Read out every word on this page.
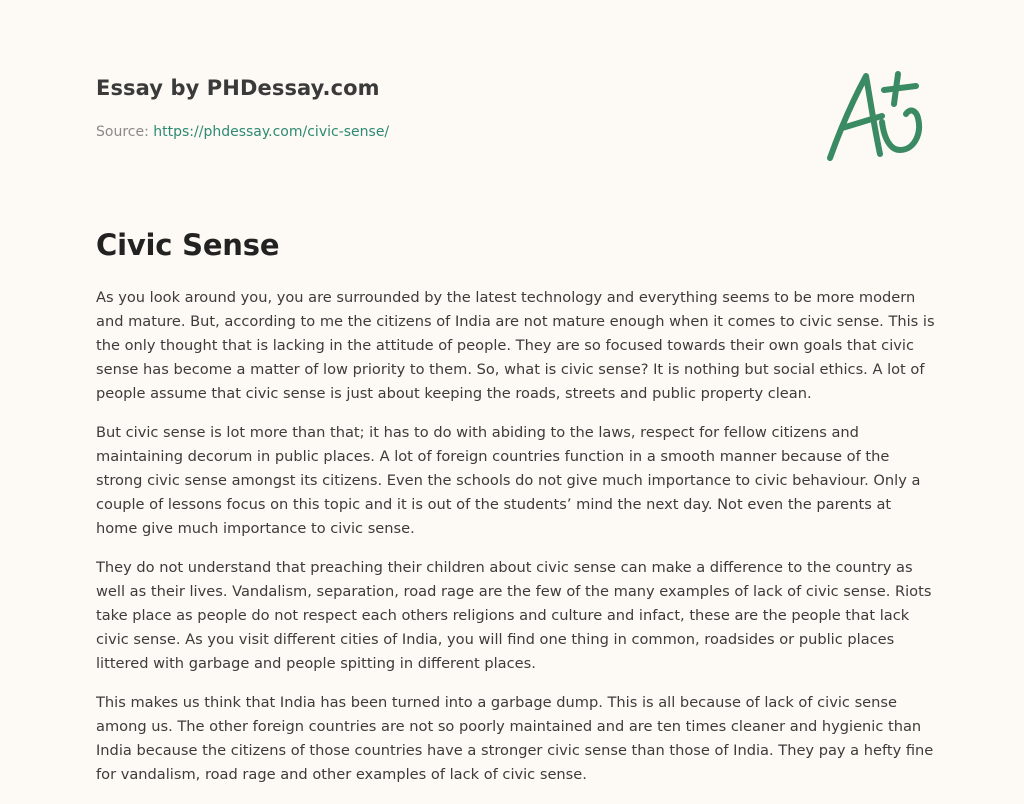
Essay by PHDessay.com

Source: https://phdessay.com/civic-sense/

Civic Sense

As you look around you, you are surrounded by the latest technology and everything seems to be more modern and mature. But, according to me the citizens of India are not mature enough when it comes to civic sense. This is the only thought that is lacking in the attitude of people. They are so focused towards their own goals that civic sense has become a matter of low priority to them. So, what is civic sense? It is nothing but social ethics. A lot of people assume that civic sense is just about keeping the roads, streets and public property clean.

But civic sense is lot more than that; it has to do with abiding to the laws, respect for fellow citizens and maintaining decorum in public places. A lot of foreign countries function in a smooth manner because of the strong civic sense amongst its citizens. Even the schools do not give much importance to civic behaviour. Only a couple of lessons focus on this topic and it is out of the students’ mind the next day. Not even the parents at home give much importance to civic sense.

They do not understand that preaching their children about civic sense can make a difference to the country as well as their lives. Vandalism, separation, road rage are the few of the many examples of lack of civic sense. Riots take place as people do not respect each others religions and culture and infact, these are the people that lack civic sense. As you visit different cities of India, you will find one thing in common, roadsides or public places littered with garbage and people spitting in different places.

This makes us think that India has been turned into a garbage dump. This is all because of lack of civic sense among us. The other foreign countries are not so poorly maintained and are ten times cleaner and hygienic than India because the citizens of those countries have a stronger civic sense than those of India. They pay a hefty fine for vandalism, road rage and other examples of lack of civic sense.
